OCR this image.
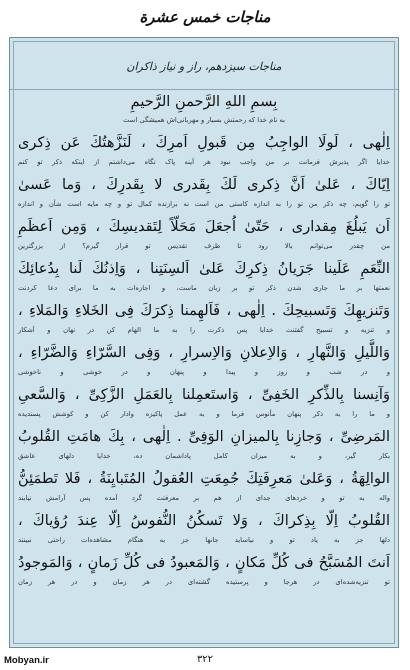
مناجات خمس عشرة
مناجات سیزدهم، راز و نیاز ذاکران
بِسمِ اللهِ الرَّحمنِ الرَّحیمِ
به نام خدا که رحمتش بسیار و مهربانی‌اش همیشگی است
اِلٰهی ، لَولَا الواجِبُ مِن قَبولِ اَمرِكَ ، لَنَزَّهتُكَ عَن ذِكری
خدایا اگر پذیرش فرمانت بر من واجب نبود هر آینه پاک نگاه می‌داشتم از اینکه ذکر تو کنم
اِیّاكَ ، عَلیٰ اَنَّ ذِكری لَكَ بِقَدری لا بِقَدرِكَ ، وَما عَسیٰ
تو را گویم، چه ذکر من تو را به اندازه کاستی من است نه برازنده کمال تو و چه مایه است شأن و اندازه
اَن یَبلُغَ مِقداری ، حَتّیٰ اُجعَلَ مَحَلّاً لِتَقدیسِكَ ، وَمِن اَعظَمِ
من چقدر می‌توانم بالا رود تا ظرف تقدیس تو قرار گیرم؟ از بزرگترین
النِّعَمِ عَلَینا جَرَیانُ ذِكرِكَ عَلیٰ اَلسِنَتِنا ، وَاِذنُكَ لَنا بِدُعائِكَ
نعمتها بر ما جاری شدن ذکر تو بر زبان ماست، و اجازه‌ات به ما برای دعا کردنت
وَتَنزیهِكَ وَتَسبیحِكَ . اِلٰهی ، فَاَلهِمنا ذِكرَكَ فِی الخَلاءِ وَالمَلاءِ ،
و تنزیه و تسبیح گفتنت خدایا پس ذکرت را به ما الهام کن در نهان و آشکار
وَاللَّیلِ وَالنَّهارِ ، وَالاِعلانِ وَالاِسرارِ ، وَفِی السَّرّاءِ وَالضَّرّاءِ ،
و در شب و روز و پیدا و پنهان و در خوشی و ناخوشی
وَآنِسنا بِالذِّكرِ الخَفِیِّ ، وَاستَعمِلنا بِالعَمَلِ الزَّكِیِّ ، وَالسَّعیِ
و ما را به ذکر پنهان مأنوس فرما و به عمل پاکیزه وادار کن و کوشش پسندیده
المَرضِیِّ ، وَجازِنا بِالمیزانِ الوَفِیِّ . اِلٰهی ، بِكَ هامَتِ القُلوبُ
بکار گیر، و به میزان کامل پاداشمان ده، خدایا دلهای عاشق
الوالِهَةُ ، وَعَلیٰ مَعرِفَتِكَ جُمِعَتِ العُقولُ المُتَبایِنَةُ ، فَلا تَطمَئِنُّ
واله به تو و خردهای جدای از هم بر معرفتت گرد آمده پس آرامش نیابند
القُلوبُ اِلّا بِذِكراكَ ، وَلا تَسكُنُ النُّفوسُ اِلّا عِندَ رُؤیاكَ ،
دلها جز به یاد تو و نیاساید جانها جز به هنگام مشاهده‌ات راحتی نبینند
اَنتَ المُسَبَّحُ فی كُلِّ مَكانٍ ، وَالمَعبودُ فی كُلِّ زَمانٍ ، وَالمَوجودُ
تو تنزیه‌شده‌ای در هرجا و پرستیده گشته‌ای در هر زمان و در هر زمان
۳۲۲
Mobyan.ir
